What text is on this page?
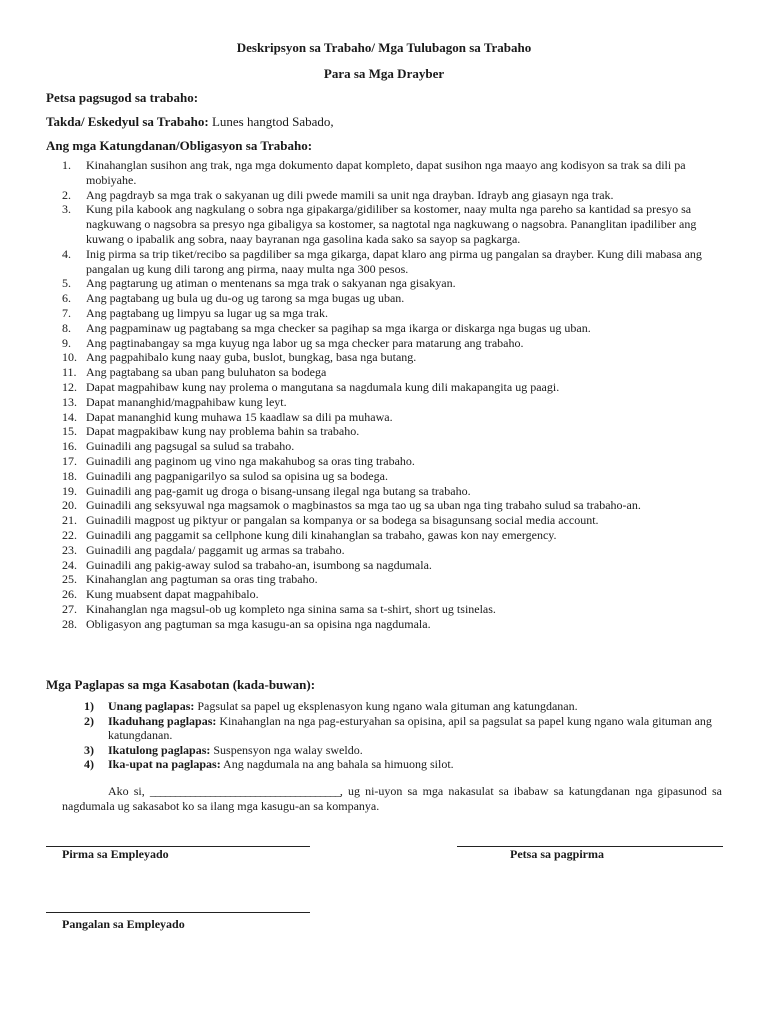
Deskripsyon sa Trabaho/ Mga Tulubagon sa Trabaho
Para sa Mga Drayber
Petsa pagsugod sa trabaho:
Takda/ Eskedyul sa Trabaho: Lunes hangtod Sabado,
Ang mga Katungdanan/Obligasyon sa Trabaho:
1.	Kinahanglan susihon ang trak, nga mga dokumento dapat kompleto, dapat susihon nga maayo ang kodisyon sa trak sa dili pa mobiyahe.
2.	Ang pagdrayb sa mga trak o sakyanan ug dili pwede mamili sa unit nga drayban. Idrayb ang giasayn nga trak.
3.	Kung pila kabook ang nagkulang o sobra nga gipakarga/gidiliber sa kostomer, naay multa nga pareho sa kantidad sa presyo sa nagkuwang o nagsobra sa presyo nga gibaligya sa kostomer, sa nagtotal nga nagkuwang o nagsobra. Pananglitan ipadiliber ang kuwang o ipabalik ang sobra, naay bayranan nga gasolina kada sako sa sayop sa pagkarga.
4.	Inig pirma sa trip tiket/recibo sa pagdiliber sa mga gikarga, dapat klaro ang pirma ug pangalan sa drayber. Kung dili mabasa ang pangalan ug kung dili tarong ang pirma, naay multa nga 300 pesos.
5.	Ang pagtarung ug atiman o mentenans sa mga trak o sakyanan nga gisakyan.
6.	Ang pagtabang ug bula ug du-og ug tarong sa mga bugas ug uban.
7.	Ang pagtabang ug limpyu sa lugar ug sa mga trak.
8.	Ang pagpaminaw ug pagtabang sa mga checker sa pagihap sa mga ikarga or diskarga nga bugas ug uban.
9.	Ang pagtinabangay sa mga kuyug nga labor ug sa mga checker para matarung ang trabaho.
10. Ang pagpahibalo kung naay guba, buslot, bungkag, basa nga butang.
11. Ang pagtabang sa uban pang buluhaton sa bodega
12. Dapat magpahibaw kung nay prolema o mangutana sa nagdumala kung dili makapangita ug paagi.
13. Dapat mananghid/magpahibaw kung leyt.
14. Dapat mananghid kung muhawa 15 kaadlaw sa dili pa muhawa.
15. Dapat magpakibaw kung nay problema bahin sa trabaho.
16. Guinadili ang pagsugal sa sulud sa trabaho.
17. Guinadili ang paginom ug vino nga makahubog sa oras ting trabaho.
18. Guinadili ang pagpanigarilyo sa sulod sa opisina ug sa bodega.
19. Guinadili ang pag-gamit ug droga o bisang-unsang ilegal nga butang sa trabaho.
20. Guinadili ang seksyuwal nga magsamok o magbinastos sa mga tao ug sa uban nga ting trabaho sulud sa trabaho-an.
21. Guinadili magpost ug piktyur or pangalan sa kompanya or sa bodega sa bisagunsang social media account.
22. Guinadili ang paggamit sa cellphone kung dili kinahanglan sa trabaho, gawas kon nay emergency.
23. Guinadili ang pagdala/ paggamit ug armas sa trabaho.
24. Guinadili ang pakig-away sulod sa trabaho-an, isumbong sa nagdumala.
25. Kinahanglan ang pagtuman sa oras ting trabaho.
26. Kung muabsent dapat magpahibalo.
27. Kinahanglan nga magsul-ob ug kompleto nga sinina sama sa t-shirt, short ug tsinelas.
28. Obligasyon ang pagtuman sa mga kasugu-an sa opisina nga nagdumala.
Mga Paglapas sa mga Kasabotan (kada-buwan):
1) Unang paglapas: Pagsulat sa papel ug eksplenasyon kung ngano wala gituman ang katungdanan.
2) Ikaduhang paglapas: Kinahanglan na nga pag-esturyahan sa opisina, apil sa pagsulat sa papel kung ngano wala gituman ang katungdanan.
3) Ikatulong paglapas: Suspensyon nga walay sweldo.
4) Ika-upat na paglapas: Ang nagdumala na ang bahala sa himuong silot.
Ako si, ______________________________________, ug ni-uyon sa mga nakasulat sa ibabaw sa katungdanan nga gipasunod sa nagdumala ug sakasabot ko sa ilang mga kasugu-an sa kompanya.
Pirma sa Empleyado	Petsa sa pagpirma
Pangalan sa Empleyado
